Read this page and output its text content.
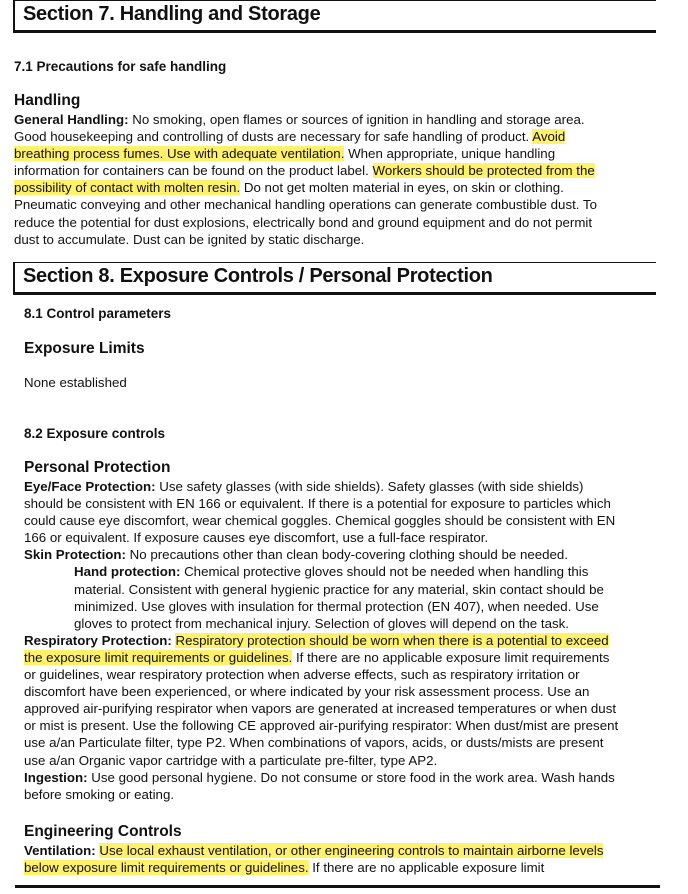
Section 7. Handling and Storage
7.1 Precautions for safe handling
Handling
General Handling: No smoking, open flames or sources of ignition in handling and storage area.
Good housekeeping and controlling of dusts are necessary for safe handling of product. Avoid
breathing process fumes. Use with adequate ventilation. When appropriate, unique handling
information for containers can be found on the product label. Workers should be protected from the
possibility of contact with molten resin. Do not get molten material in eyes, on skin or clothing.
Pneumatic conveying and other mechanical handling operations can generate combustible dust. To
reduce the potential for dust explosions, electrically bond and ground equipment and do not permit
dust to accumulate. Dust can be ignited by static discharge.
Section 8. Exposure Controls / Personal Protection
8.1 Control parameters
Exposure Limits
None established
8.2 Exposure controls
Personal Protection
Eye/Face Protection: Use safety glasses (with side shields). Safety glasses (with side shields)
should be consistent with EN 166 or equivalent. If there is a potential for exposure to particles which
could cause eye discomfort, wear chemical goggles. Chemical goggles should be consistent with EN
166 or equivalent. If exposure causes eye discomfort, use a full-face respirator.
Skin Protection: No precautions other than clean body-covering clothing should be needed.
Hand protection: Chemical protective gloves should not be needed when handling this
material. Consistent with general hygienic practice for any material, skin contact should be
minimized. Use gloves with insulation for thermal protection (EN 407), when needed. Use
gloves to protect from mechanical injury. Selection of gloves will depend on the task.
Respiratory Protection: Respiratory protection should be worn when there is a potential to exceed
the exposure limit requirements or guidelines. If there are no applicable exposure limit requirements
or guidelines, wear respiratory protection when adverse effects, such as respiratory irritation or
discomfort have been experienced, or where indicated by your risk assessment process. Use an
approved air-purifying respirator when vapors are generated at increased temperatures or when dust
or mist is present. Use the following CE approved air-purifying respirator: When dust/mist are present
use a/an Particulate filter, type P2. When combinations of vapors, acids, or dusts/mists are present
use a/an Organic vapor cartridge with a particulate pre-filter, type AP2.
Ingestion: Use good personal hygiene. Do not consume or store food in the work area. Wash hands
before smoking or eating.
Engineering Controls
Ventilation: Use local exhaust ventilation, or other engineering controls to maintain airborne levels
below exposure limit requirements or guidelines. If there are no applicable exposure limit
